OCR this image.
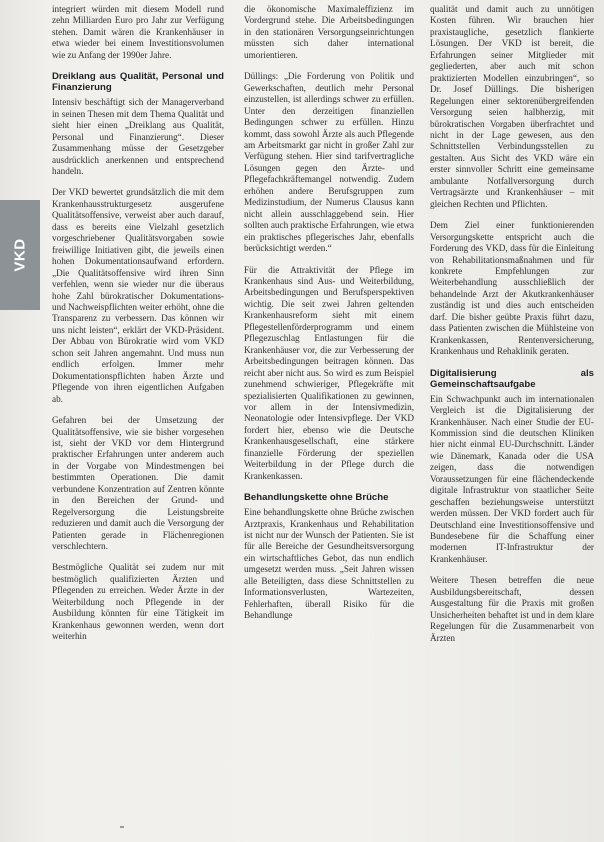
VKD

integriert würden mit diesem Modell rund zehn Milliarden Euro pro Jahr zur Verfügung stehen. Damit wären die Krankenhäuser in etwa wieder bei einem Investitionsvolumen wie zu Anfang der 1990er Jahre.

Dreiklang aus Qualität, Personal und Finanzierung

Intensiv beschäftigt sich der Managerverband in seinen Thesen mit dem Thema Qualität und sieht hier einen „Dreiklang aus Qualität, Personal und Finanzierung“. Dieser Zusammenhang müsse der Gesetzgeber ausdrücklich anerkennen und entsprechend handeln.

Der VKD bewertet grundsätzlich die mit dem Krankenhausstrukturgesetz ausgerufene Qualitätsoffensive, verweist aber auch darauf, dass es bereits eine Vielzahl gesetzlich vorgeschriebener Qualitätsvorgaben sowie freiwillige Initiativen gibt, die jeweils einen hohen Dokumentationsaufwand erfordern. „Die Qualitätsoffensive wird ihren Sinn verfehlen, wenn sie wieder nur die überaus hohe Zahl bürokratischer Dokumentations- und Nachweispflichten weiter erhöht, ohne die Transparenz zu verbessern. Das können wir uns nicht leisten“, erklärt der VKD-Präsident. Der Abbau von Bürokratie wird vom VKD schon seit Jahren angemahnt. Und muss nun endlich erfolgen. Immer mehr Dokumentationspflichten haben Ärzte und Pflegende von ihren eigentlichen Aufgaben ab.

Gefahren bei der Umsetzung der Qualitätsoffensive, wie sie bisher vorgesehen ist, sieht der VKD vor dem Hintergrund praktischer Erfahrungen unter anderem auch in der Vorgabe von Mindestmengen bei bestimmten Operationen. Die damit verbundene Konzentration auf Zentren könnte in den Bereichen der Grund- und Regelversorgung die Leistungsbreite reduzieren und damit auch die Versorgung der Patienten gerade in Flächenregionen verschlechtern.

Bestmögliche Qualität sei zudem nur mit bestmöglich qualifizierten Ärzten und Pflegenden zu erreichen. Weder Ärzte in der Weiterbildung noch Pflegende in der Ausbildung könnten für eine Tätigkeit im Krankenhaus gewonnen werden, wenn dort weiterhin

die ökonomische Maximaleffizienz im Vordergrund stehe. Die Arbeitsbedingungen in den stationären Versorgungseinrichtungen müssten sich daher international umorientieren.

Düllings: „Die Forderung von Politik und Gewerkschaften, deutlich mehr Personal einzustellen, ist allerdings schwer zu erfüllen. Unter den derzeitigen finanziellen Bedingungen schwer zu erfüllen. Hinzu kommt, dass sowohl Ärzte als auch Pflegende am Arbeitsmarkt gar nicht in großer Zahl zur Verfügung stehen. Hier sind tarifvertragliche Lösungen gegen den Ärzte- und Pflegefachkräftemangel notwendig. Zudem erhöhen andere Berufsgruppen zum Medizinstudium, der Numerus Clausus kann nicht allein ausschlaggebend sein. Hier sollten auch praktische Erfahrungen, wie etwa ein praktisches pflegerisches Jahr, ebenfalls berücksichtigt werden.“

Für die Attraktivität der Pflege im Krankenhaus sind Aus- und Weiterbildung, Arbeitsbedingungen und Berufsperspektiven wichtig. Die seit zwei Jahren geltenden Krankenhausreform sieht mit einem Pflegestellenförderprogramm und einem Pflegezuschlag Entlastungen für die Krankenhäuser vor, die zur Verbesserung der Arbeitsbedingungen beitragen können. Das reicht aber nicht aus. So wird es zum Beispiel zunehmend schwieriger, Pflegekräfte mit spezialisierten Qualifikationen zu gewinnen, vor allem in der Intensivmedizin, Neonatologie oder Intensivpflege. Der VKD fordert hier, ebenso wie die Deutsche Krankenhausgesellschaft, eine stärkere finanzielle Förderung der speziellen Weiterbildung in der Pflege durch die Krankenkassen.

Behandlungskette ohne Brüche

Eine behandlungskette ohne Brüche zwischen Arztpraxis, Krankenhaus und Rehabilitation ist nicht nur der Wunsch der Patienten. Sie ist für alle Bereiche der Gesundheitsversorgung ein wirtschaftliches Gebot, das nun endlich umgesetzt werden muss. „Seit Jahren wissen alle Beteiligten, dass diese Schnittstellen zu Informationsverlusten, Wartezeiten, Fehlerhaften, überall Risiko für die Behandlunge

qualität und damit auch zu unnötigen Kosten führen. Wir brauchen hier praxistaugliche, gesetzlich flankierte Lösungen. Der VKD ist bereit, die Erfahrungen seiner Mitglieder mit gegliederten, aber auch mit schon praktizierten Modellen einzubringen“, so Dr. Josef Düllings. Die bisherigen Regelungen einer sektorenübergreifenden Versorgung seien halbherzig, mit bürokratischen Vorgaben überfrachtet und nicht in der Lage gewesen, aus den Schnittstellen Verbindungsstellen zu gestalten. Aus Sicht des VKD wäre ein erster sinnvoller Schritt eine gemeinsame ambulante Notfallversorgung durch Vertragsärzte und Krankenhäuser – mit gleichen Rechten und Pflichten.

Dem Ziel einer funktionierenden Versorgungskette entspricht auch die Forderung des VKD, dass für die Einleitung von Rehabilitationsmaßnahmen und für konkrete Empfehlungen zur Weiterbehandlung ausschließlich der behandelnde Arzt der Akutkrankenhäuser zuständig ist und dies auch entscheiden darf. Die bisher geübte Praxis führt dazu, dass Patienten zwischen die Mühlsteine von Krankenkassen, Rentenversicherung, Krankenhaus und Rehaklinik geraten.

Digitalisierung als Gemeinschaftsaufgabe

Ein Schwachpunkt auch im internationalen Vergleich ist die Digitalisierung der Krankenhäuser. Nach einer Studie der EU-Kommission sind die deutschen Kliniken hier nicht einmal EU-Durchschnitt. Länder wie Dänemark, Kanada oder die USA zeigen, dass die notwendigen Voraussetzungen für eine flächendeckende digitale Infrastruktur von staatlicher Seite geschaffen beziehungsweise unterstützt werden müssen. Der VKD fordert auch für Deutschland eine Investitionsoffensive und Bundesebene für die Schaffung einer modernen IT-Infrastruktur der Krankenhäuser.

Weitere Thesen betreffen die neue Ausbildungsbereitschaft, dessen Ausgestaltung für die Praxis mit großen Unsicherheiten behaftet ist und in dem klare Regelungen für die Zusammenarbeit von Ärzten
